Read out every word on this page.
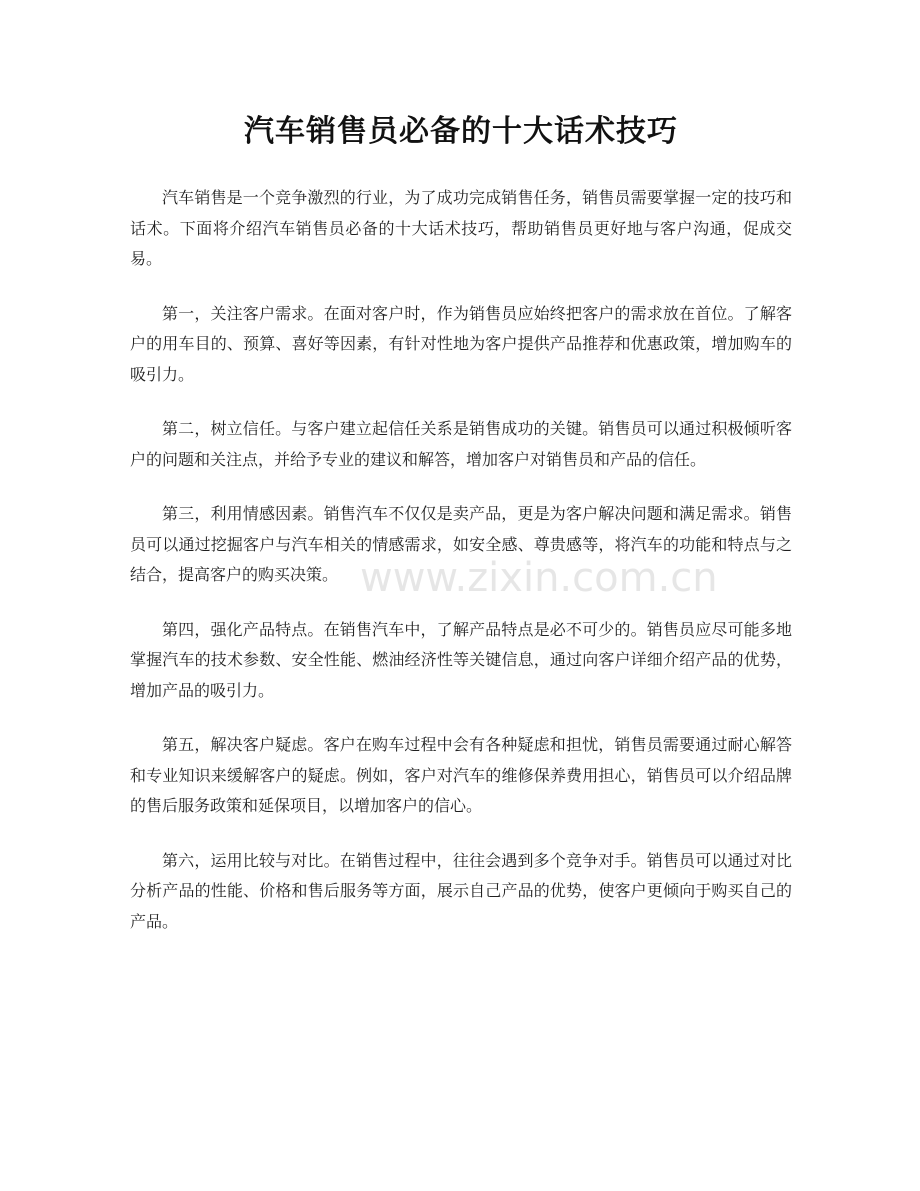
www.zixin.com.cn
汽车销售员必备的十大话术技巧

汽车销售是一个竞争激烈的行业，为了成功完成销售任务，销售员需要掌握一定的技巧和话术。下面将介绍汽车销售员必备的十大话术技巧，帮助销售员更好地与客户沟通，促成交易。

第一，关注客户需求。在面对客户时，作为销售员应始终把客户的需求放在首位。了解客户的用车目的、预算、喜好等因素，有针对性地为客户提供产品推荐和优惠政策，增加购车的吸引力。

第二，树立信任。与客户建立起信任关系是销售成功的关键。销售员可以通过积极倾听客户的问题和关注点，并给予专业的建议和解答，增加客户对销售员和产品的信任。

第三，利用情感因素。销售汽车不仅仅是卖产品，更是为客户解决问题和满足需求。销售员可以通过挖掘客户与汽车相关的情感需求，如安全感、尊贵感等，将汽车的功能和特点与之结合，提高客户的购买决策。

第四，强化产品特点。在销售汽车中，了解产品特点是必不可少的。销售员应尽可能多地掌握汽车的技术参数、安全性能、燃油经济性等关键信息，通过向客户详细介绍产品的优势，增加产品的吸引力。

第五，解决客户疑虑。客户在购车过程中会有各种疑虑和担忧，销售员需要通过耐心解答和专业知识来缓解客户的疑虑。例如，客户对汽车的维修保养费用担心，销售员可以介绍品牌的售后服务政策和延保项目，以增加客户的信心。

第六，运用比较与对比。在销售过程中，往往会遇到多个竞争对手。销售员可以通过对比分析产品的性能、价格和售后服务等方面，展示自己产品的优势，使客户更倾向于购买自己的产品。
